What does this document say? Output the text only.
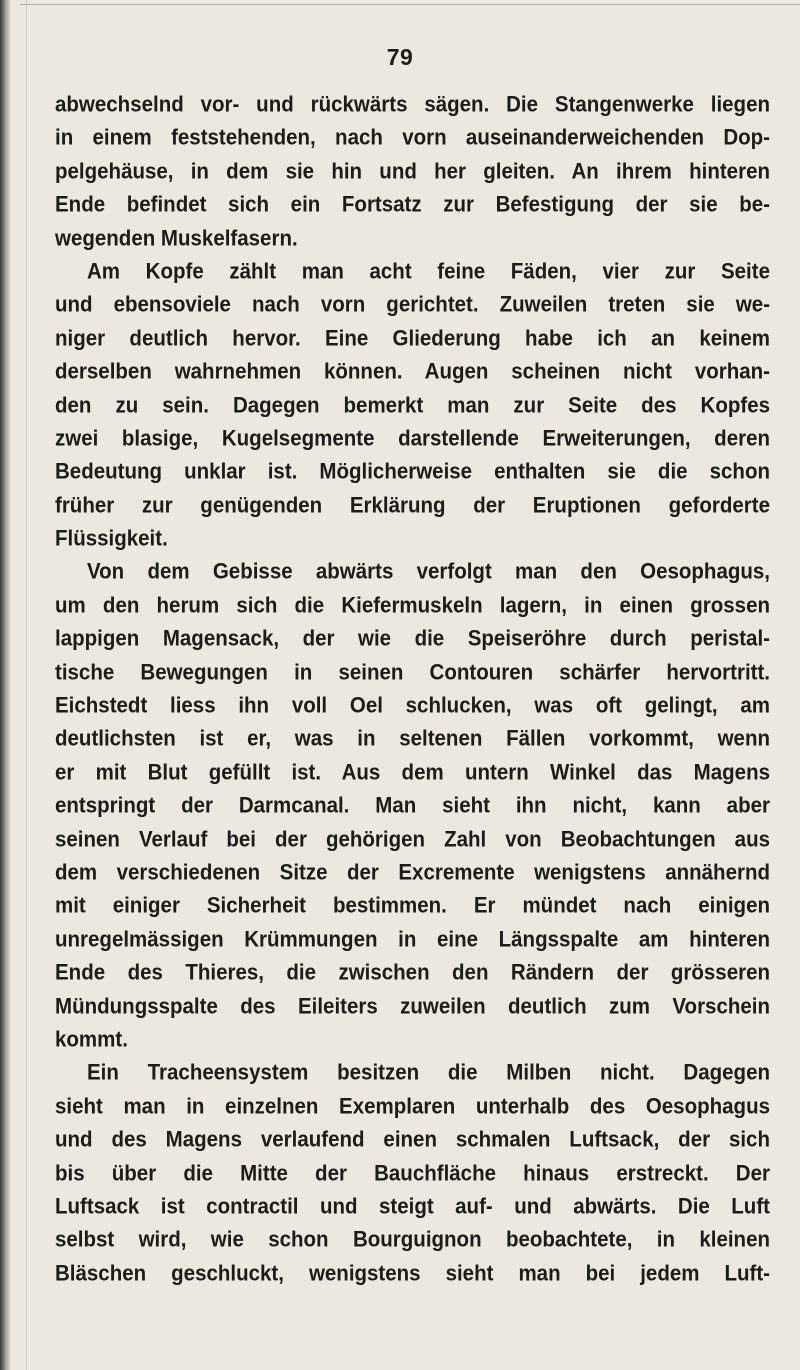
79
abwechselnd vor- und rückwärts sägen. Die Stangenwerke liegen
in einem feststehenden, nach vorn auseinanderweichenden Dop-
pelgehäuse, in dem sie hin und her gleiten. An ihrem hinteren
Ende befindet sich ein Fortsatz zur Befestigung der sie be-
wegenden Muskelfasern.
Am Kopfe zählt man acht feine Fäden, vier zur Seite
und ebensoviele nach vorn gerichtet. Zuweilen treten sie we-
niger deutlich hervor. Eine Gliederung habe ich an keinem
derselben wahrnehmen können. Augen scheinen nicht vorhan-
den zu sein. Dagegen bemerkt man zur Seite des Kopfes
zwei blasige, Kugelsegmente darstellende Erweiterungen, deren
Bedeutung unklar ist. Möglicherweise enthalten sie die schon
früher zur genügenden Erklärung der Eruptionen geforderte
Flüssigkeit.
Von dem Gebisse abwärts verfolgt man den Oesophagus,
um den herum sich die Kiefermuskeln lagern, in einen grossen
lappigen Magensack, der wie die Speiseröhre durch peristal-
tische Bewegungen in seinen Contouren schärfer hervortritt.
Eichstedt liess ihn voll Oel schlucken, was oft gelingt, am
deutlichsten ist er, was in seltenen Fällen vorkommt, wenn
er mit Blut gefüllt ist. Aus dem untern Winkel das Magens
entspringt der Darmcanal. Man sieht ihn nicht, kann aber
seinen Verlauf bei der gehörigen Zahl von Beobachtungen aus
dem verschiedenen Sitze der Excremente wenigstens annähernd
mit einiger Sicherheit bestimmen. Er mündet nach einigen
unregelmässigen Krümmungen in eine Längsspalte am hinteren
Ende des Thieres, die zwischen den Rändern der grösseren
Mündungsspalte des Eileiters zuweilen deutlich zum Vorschein
kommt.
Ein Tracheensystem besitzen die Milben nicht. Dagegen
sieht man in einzelnen Exemplaren unterhalb des Oesophagus
und des Magens verlaufend einen schmalen Luftsack, der sich
bis über die Mitte der Bauchfläche hinaus erstreckt. Der
Luftsack ist contractil und steigt auf- und abwärts. Die Luft
selbst wird, wie schon Bourguignon beobachtete, in kleinen
Bläschen geschluckt, wenigstens sieht man bei jedem Luft-
